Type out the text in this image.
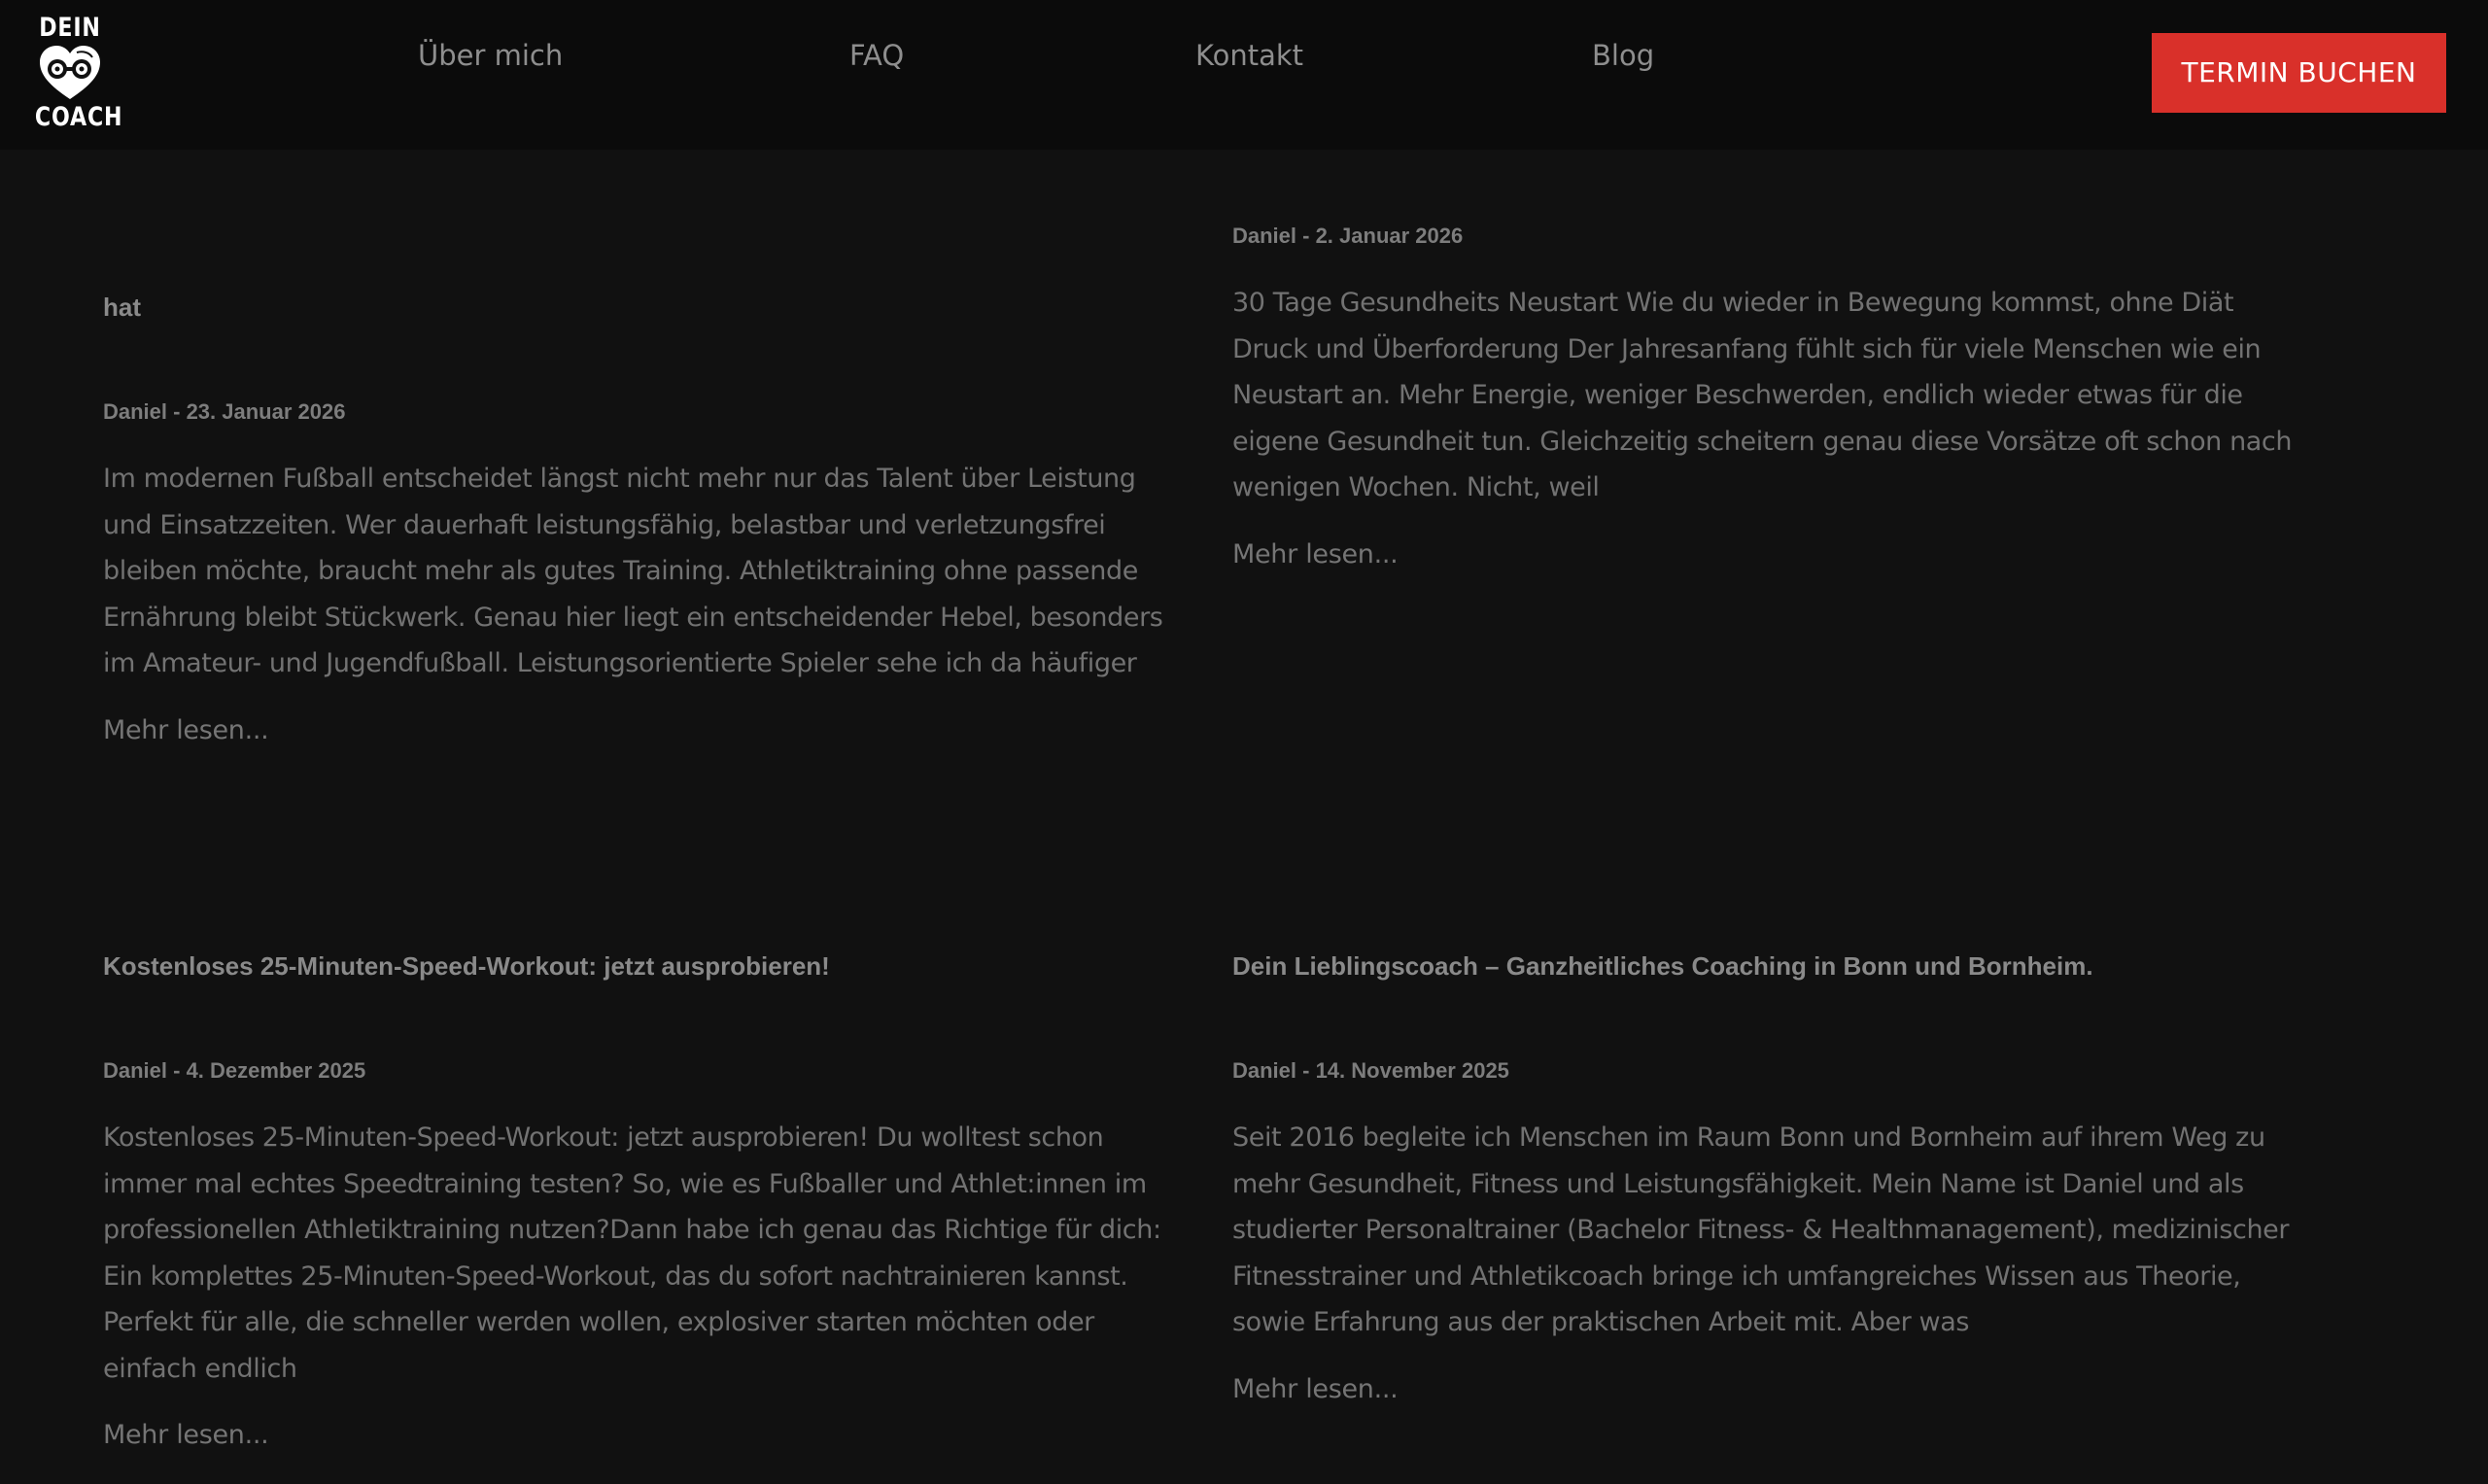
DEIN
COACH
Über mich	FAQ	Kontakt	Blog
TERMIN BUCHEN
hat

Daniel - 23. Januar 2026

Im modernen Fußball entscheidet längst nicht mehr nur das Talent über Leistung

und Einsatzzeiten. Wer dauerhaft leistungsfähig, belastbar und verletzungsfrei

bleiben möchte, braucht mehr als gutes Training. Athletiktraining ohne passende

Ernährung bleibt Stückwerk. Genau hier liegt ein entscheidender Hebel, besonders

im Amateur- und Jugendfußball. Leistungsorientierte Spieler sehe ich da häufiger

Mehr lesen...

Daniel - 2. Januar 2026

30 Tage Gesundheits Neustart Wie du wieder in Bewegung kommst, ohne Diät

Druck und Überforderung Der Jahresanfang fühlt sich für viele Menschen wie ein

Neustart an. Mehr Energie, weniger Beschwerden, endlich wieder etwas für die

eigene Gesundheit tun. Gleichzeitig scheitern genau diese Vorsätze oft schon nach

wenigen Wochen. Nicht, weil

Mehr lesen...
Kostenloses 25-Minuten-Speed-Workout: jetzt ausprobieren!

Daniel - 4. Dezember 2025

Kostenloses 25-Minuten-Speed-Workout: jetzt ausprobieren! Du wolltest schon

immer mal echtes Speedtraining testen? So, wie es Fußballer und Athlet:innen im

professionellen Athletiktraining nutzen?Dann habe ich genau das Richtige für dich:

Ein komplettes 25-Minuten-Speed-Workout, das du sofort nachtrainieren kannst.

Perfekt für alle, die schneller werden wollen, explosiver starten möchten oder

einfach endlich

Mehr lesen...
Dein Lieblingscoach – Ganzheitliches Coaching in Bonn und Bornheim.

Daniel - 14. November 2025

Seit 2016 begleite ich Menschen im Raum Bonn und Bornheim auf ihrem Weg zu

mehr Gesundheit, Fitness und Leistungsfähigkeit. Mein Name ist Daniel und als

studierter Personaltrainer (Bachelor Fitness- & Healthmanagement), medizinischer

Fitnesstrainer und Athletikcoach bringe ich umfangreiches Wissen aus Theorie,

sowie Erfahrung aus der praktischen Arbeit mit. Aber was

Mehr lesen...
